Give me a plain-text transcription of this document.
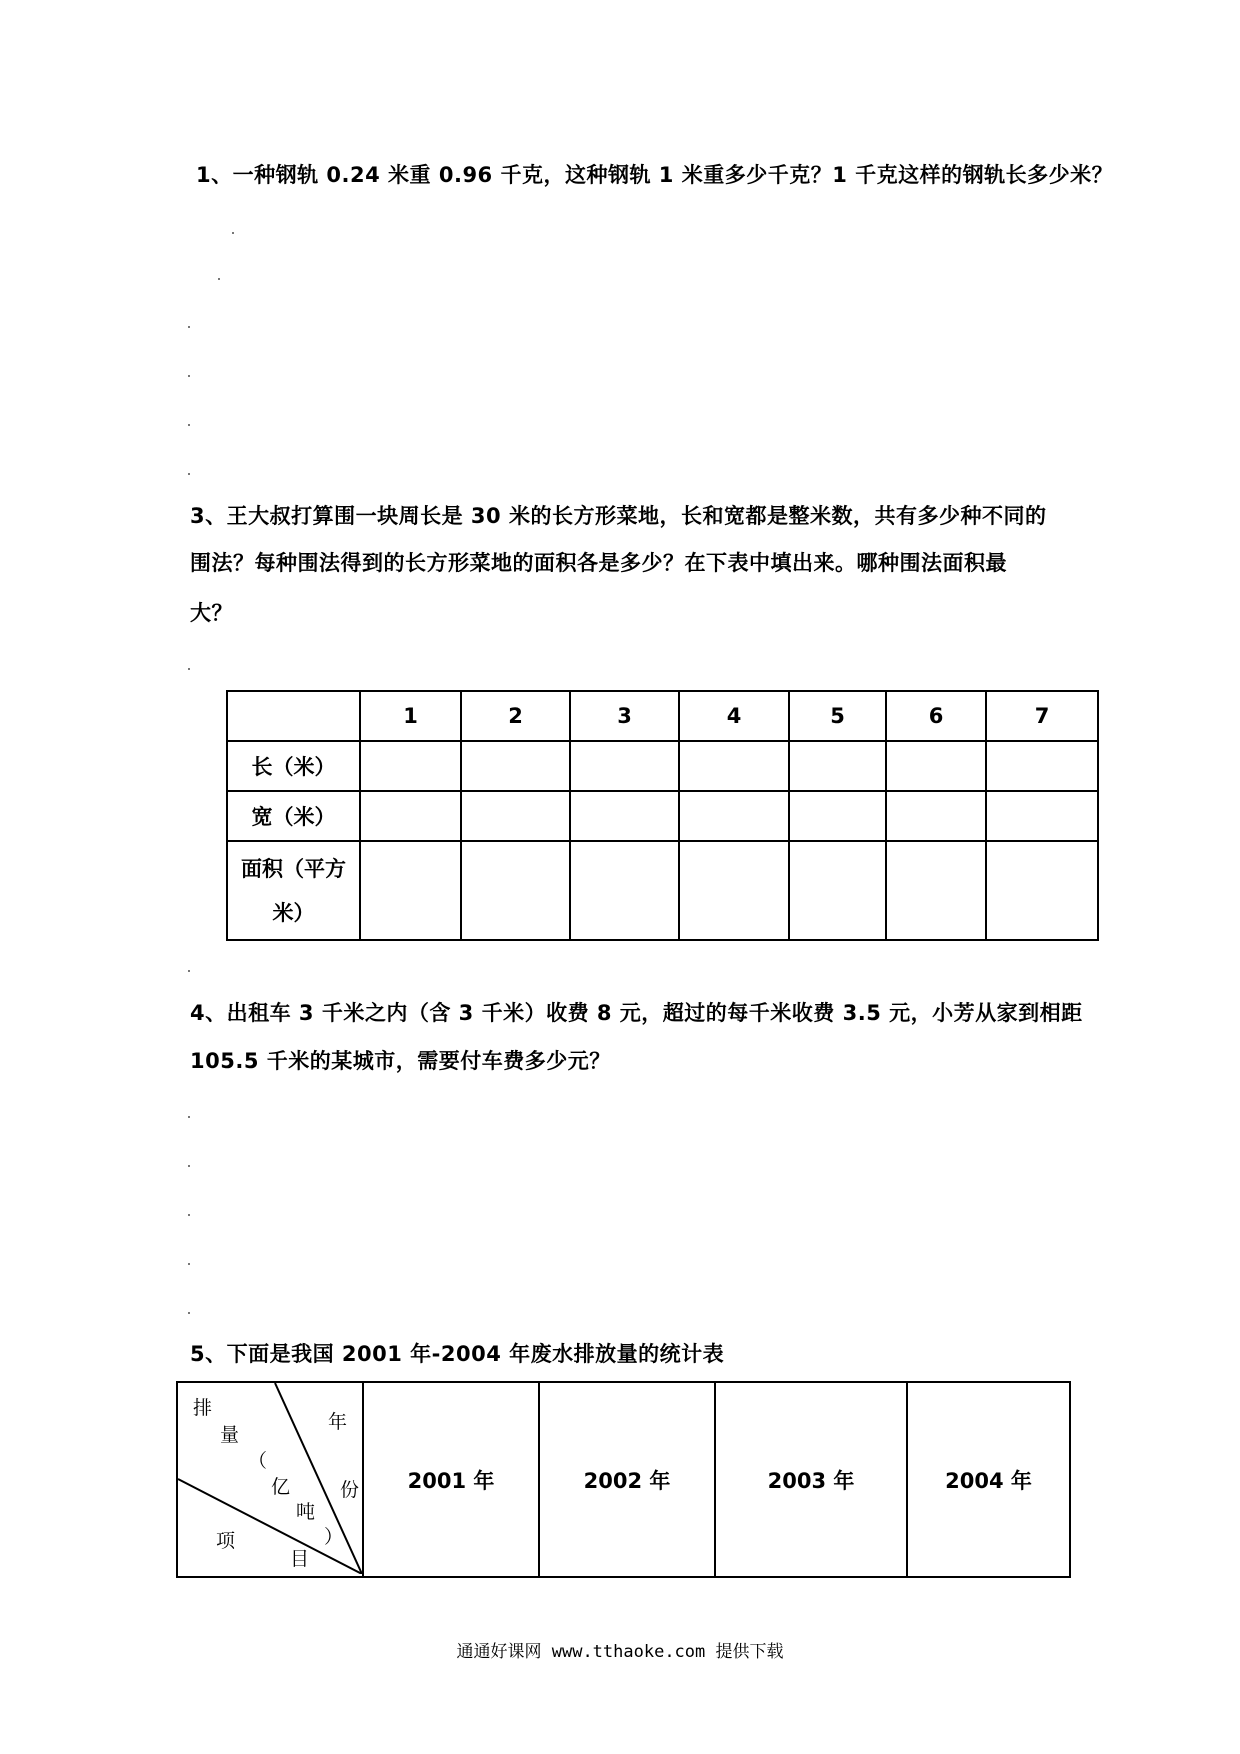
1、一种钢轨 0.24 米重 0.96 千克，这种钢轨 1 米重多少千克？1 千克这样的钢轨长多少米？

3、王大叔打算围一块周长是 30 米的长方形菜地，长和宽都是整米数，共有多少种不同的

围法？每种围法得到的长方形菜地的面积各是多少？在下表中填出来。哪种围法面积最

大？

	1	2	3	4	5	6	7
长（米）							
宽（米）							

面积（平方
米）							

4、出租车 3 千米之内（含 3 千米）收费 8 元，超过的每千米收费 3.5 元，小芳从家到相距

105.5 千米的某城市，需要付车费多少元？

5、下面是我国 2001 年-2004 年废水排放量的统计表

排
量
（
亿
吨
）
年
份
项
目
	2001 年	2002 年	2003 年	2004 年
通通好课网 www.tthaoke.com 提供下载
